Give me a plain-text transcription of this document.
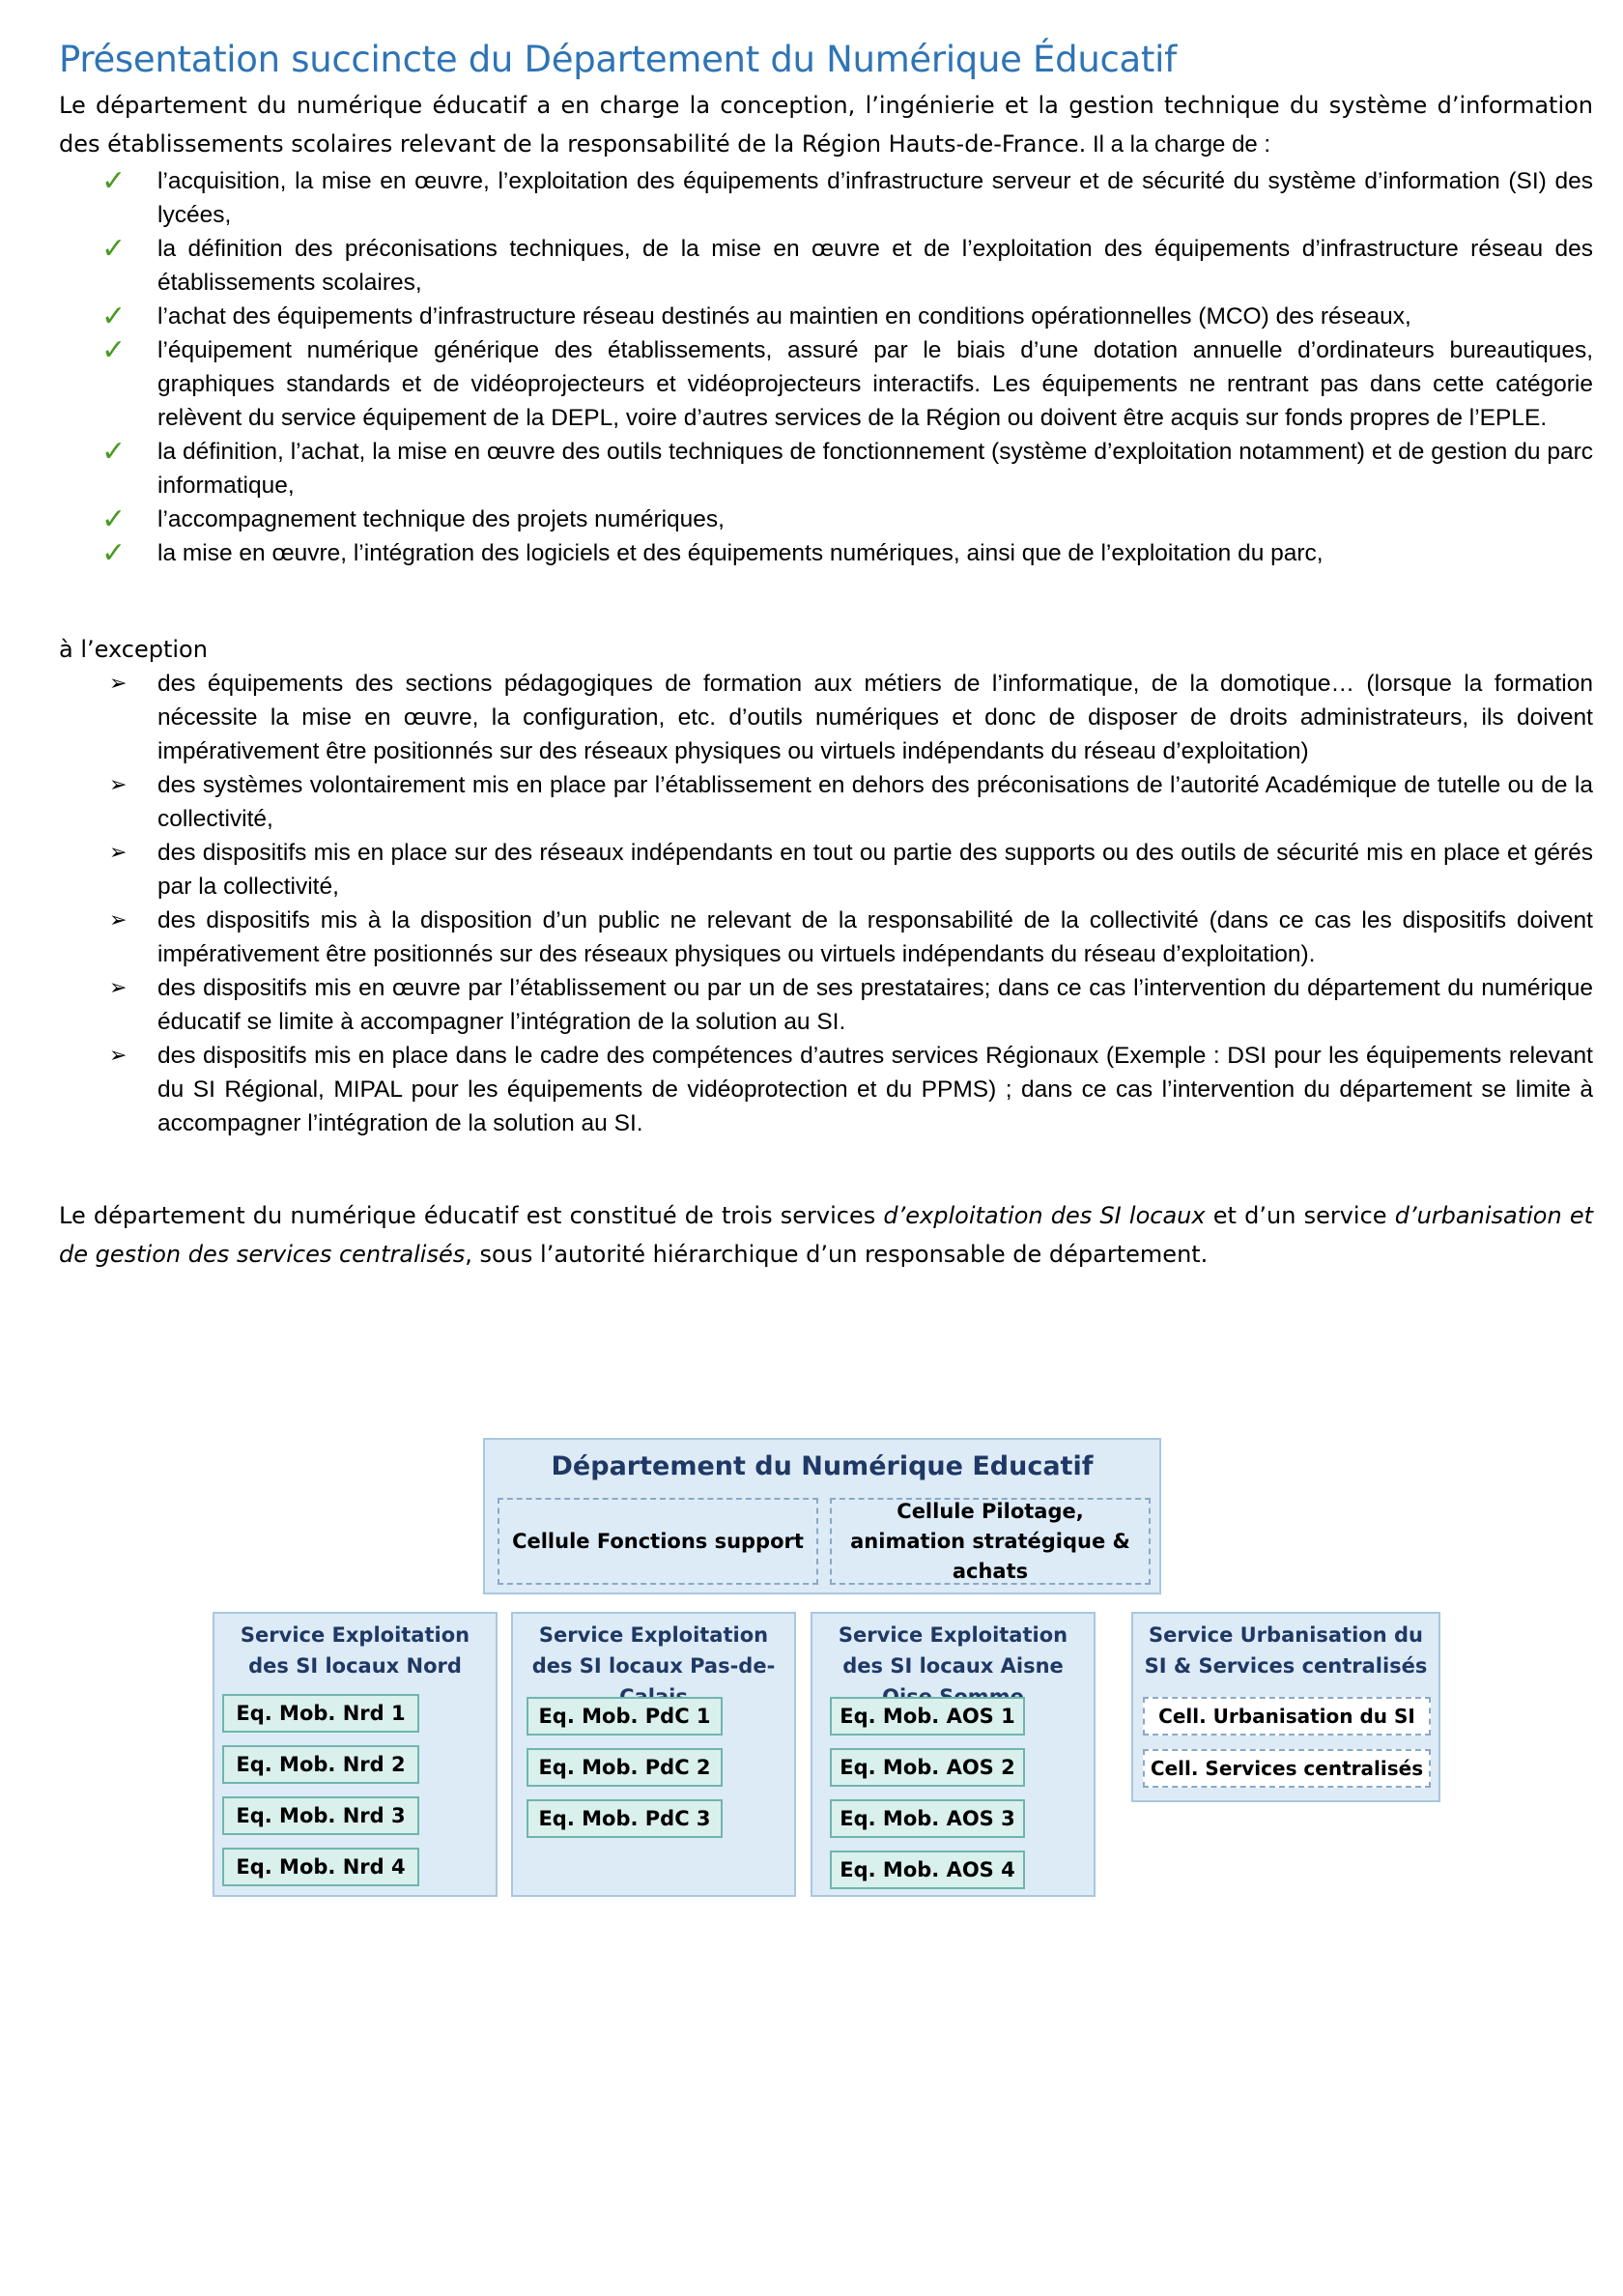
Présentation succincte du Département du Numérique Éducatif

Le département du numérique éducatif a en charge la conception, l’ingénierie et la gestion technique du système d’information des établissements scolaires relevant de la responsabilité de la Région Hauts-de-France. Il a la charge de :

✓ l’acquisition, la mise en œuvre, l’exploitation des équipements d’infrastructure serveur et de sécurité du système d’information (SI) des lycées,
✓ la définition des préconisations techniques, de la mise en œuvre et de l’exploitation des équipements d’infrastructure réseau des établissements scolaires,
✓ l’achat des équipements d’infrastructure réseau destinés au maintien en conditions opérationnelles (MCO) des réseaux,
✓ l’équipement numérique générique des établissements, assuré par le biais d’une dotation annuelle d’ordinateurs bureautiques, graphiques standards et de vidéoprojecteurs et vidéoprojecteurs interactifs. Les équipements ne rentrant pas dans cette catégorie relèvent du service équipement de la DEPL, voire d’autres services de la Région ou doivent être acquis sur fonds propres de l’EPLE.
✓ la définition, l’achat, la mise en œuvre des outils techniques de fonctionnement (système d’exploitation notamment) et de gestion du parc informatique,
✓ l’accompagnement technique des projets numériques,
✓ la mise en œuvre, l’intégration des logiciels et des équipements numériques, ainsi que de l’exploitation du parc,

à l’exception

➢ des équipements des sections pédagogiques de formation aux métiers de l’informatique, de la domotique… (lorsque la formation nécessite la mise en œuvre, la configuration, etc. d’outils numériques et donc de disposer de droits administrateurs, ils doivent impérativement être positionnés sur des réseaux physiques ou virtuels indépendants du réseau d’exploitation)
➢ des systèmes volontairement mis en place par l’établissement en dehors des préconisations de l’autorité Académique de tutelle ou de la collectivité,
➢ des dispositifs mis en place sur des réseaux indépendants en tout ou partie des supports ou des outils de sécurité mis en place et gérés par la collectivité,
➢ des dispositifs mis à la disposition d’un public ne relevant de la responsabilité de la collectivité (dans ce cas les dispositifs doivent impérativement être positionnés sur des réseaux physiques ou virtuels indépendants du réseau d’exploitation).
➢ des dispositifs mis en œuvre par l’établissement ou par un de ses prestataires; dans ce cas l’intervention du département du numérique éducatif se limite à accompagner l’intégration de la solution au SI.
➢ des dispositifs mis en place dans le cadre des compétences d’autres services Régionaux (Exemple : DSI pour les équipements relevant du SI Régional, MIPAL pour les équipements de vidéoprotection et du PPMS) ; dans ce cas l’intervention du département se limite à accompagner l’intégration de la solution au SI.

Le département du numérique éducatif est constitué de trois services d’exploitation des SI locaux et d’un service d’urbanisation et de gestion des services centralisés, sous l’autorité hiérarchique d’un responsable de département.

Département du Numérique Educatif
Cellule Fonctions support
Cellule Pilotage, animation stratégique & achats
Service Exploitation des SI locaux Nord
Eq. Mob. Nrd 1
Eq. Mob. Nrd 2
Eq. Mob. Nrd 3
Eq. Mob. Nrd 4
Service Exploitation des SI locaux Pas-de-
Eq. Mob. PdC 1
Eq. Mob. PdC 2
Eq. Mob. PdC 3
Service Exploitation des SI locaux Aisne
Eq. Mob. AOS 1
Eq. Mob. AOS 2
Eq. Mob. AOS 3
Eq. Mob. AOS 4
Service Urbanisation du SI & Services centralisés
Cell. Urbanisation du SI
Cell. Services centralisés
